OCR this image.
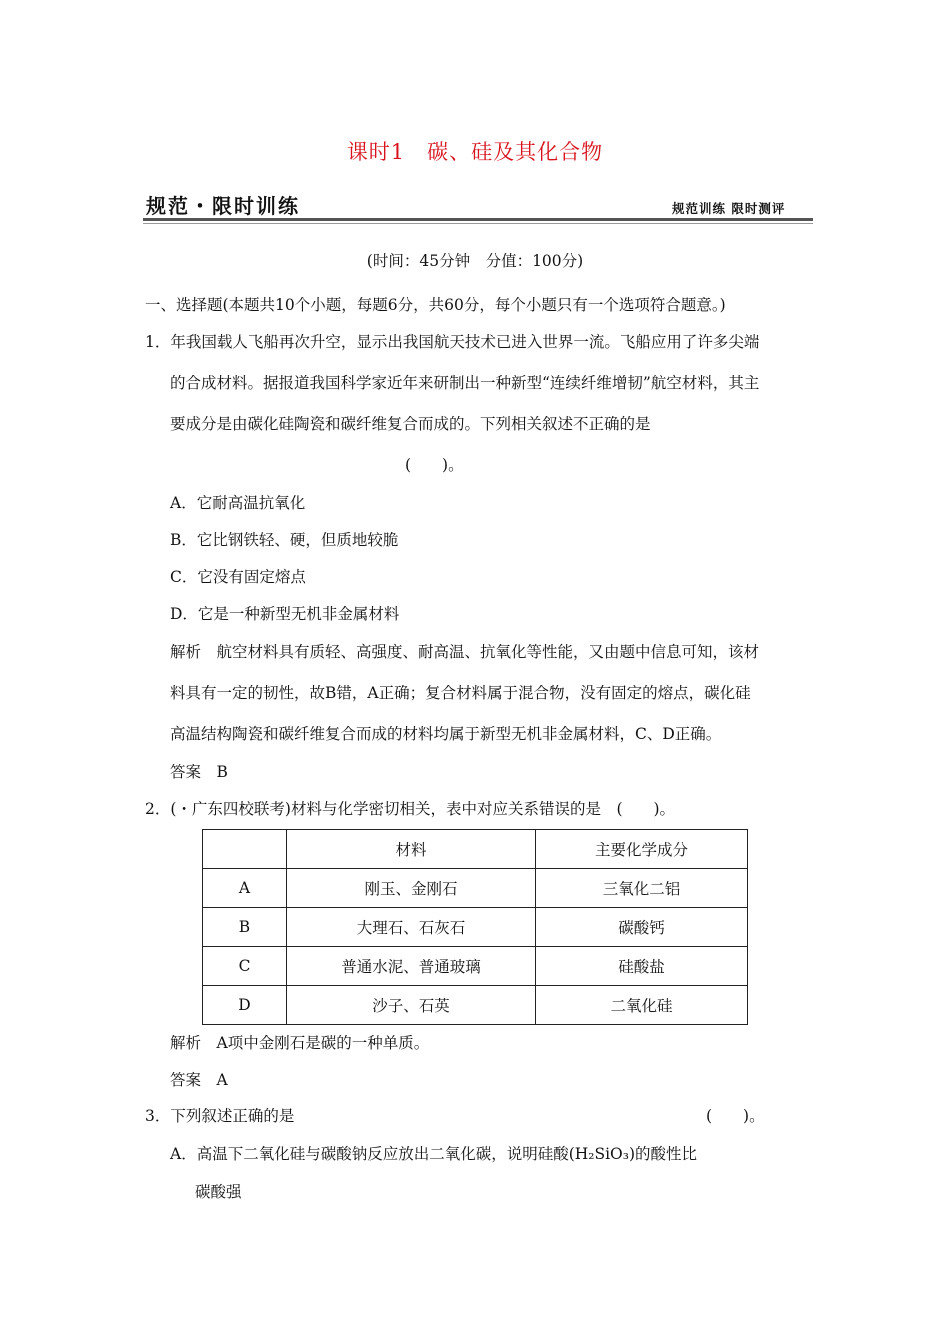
课时1　碳、硅及其化合物
规范・限时训练	规范训练 限时测评
(时间：45分钟　分值：100分)
一、选择题(本题共10个小题，每题6分，共60分，每个小题只有一个选项符合题意。)
1．年我国载人飞船再次升空，显示出我国航天技术已进入世界一流。飞船应用了许多尖端
的合成材料。据报道我国科学家近年来研制出一种新型“连续纤维增韧”航空材料，其主
要成分是由碳化硅陶瓷和碳纤维复合而成的。下列相关叙述不正确的是
(　　)。
A．它耐高温抗氧化
B．它比钢铁轻、硬，但质地较脆
C．它没有固定熔点
D．它是一种新型无机非金属材料
解析　航空材料具有质轻、高强度、耐高温、抗氧化等性能，又由题中信息可知，该材
料具有一定的韧性，故B错，A正确；复合材料属于混合物，没有固定的熔点，碳化硅
高温结构陶瓷和碳纤维复合而成的材料均属于新型无机非金属材料，C、D正确。
答案　B
2．(・广东四校联考)材料与化学密切相关，表中对应关系错误的是　(　　)。
	材料	主要化学成分
A	刚玉、金刚石	三氧化二铝
B	大理石、石灰石	碳酸钙
C	普通水泥、普通玻璃	硅酸盐
D	沙子、石英	二氧化硅
解析　A项中金刚石是碳的一种单质。
答案　A
3．下列叙述正确的是	(　　)。
A．高温下二氧化硅与碳酸钠反应放出二氧化碳，说明硅酸(H₂SiO₃)的酸性比
碳酸强
